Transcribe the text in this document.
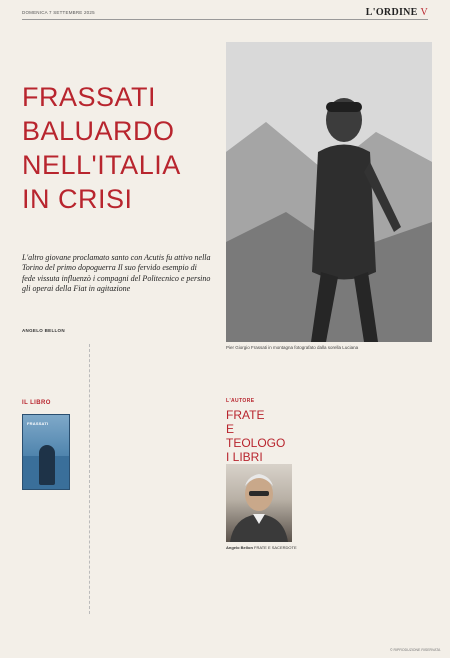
DOMENICA 7 SETTEMBRE 2025	L'ORDINE V
FRASSATI
BALUARDO
NELL'ITALIA
IN CRISI

L'altro giovane proclamato santo con Acutis fu attivo nella Torino del primo dopoguerra Il suo fervido esempio di fede vissuta influenzò i compagni del Politecnico e persino gli operai della Fiat in agitazione

ANGELO BELLON
Pier Giorgio Frassati in montagna fotografato dalla sorella Luciana
IL LIBRO
FRASSATI
L'AUTORE
FRATE
E TEOLOGO
I LIBRI
Angelo Bellon FRATE E SACERDOTE
© RIPRODUZIONE RISERVATA
